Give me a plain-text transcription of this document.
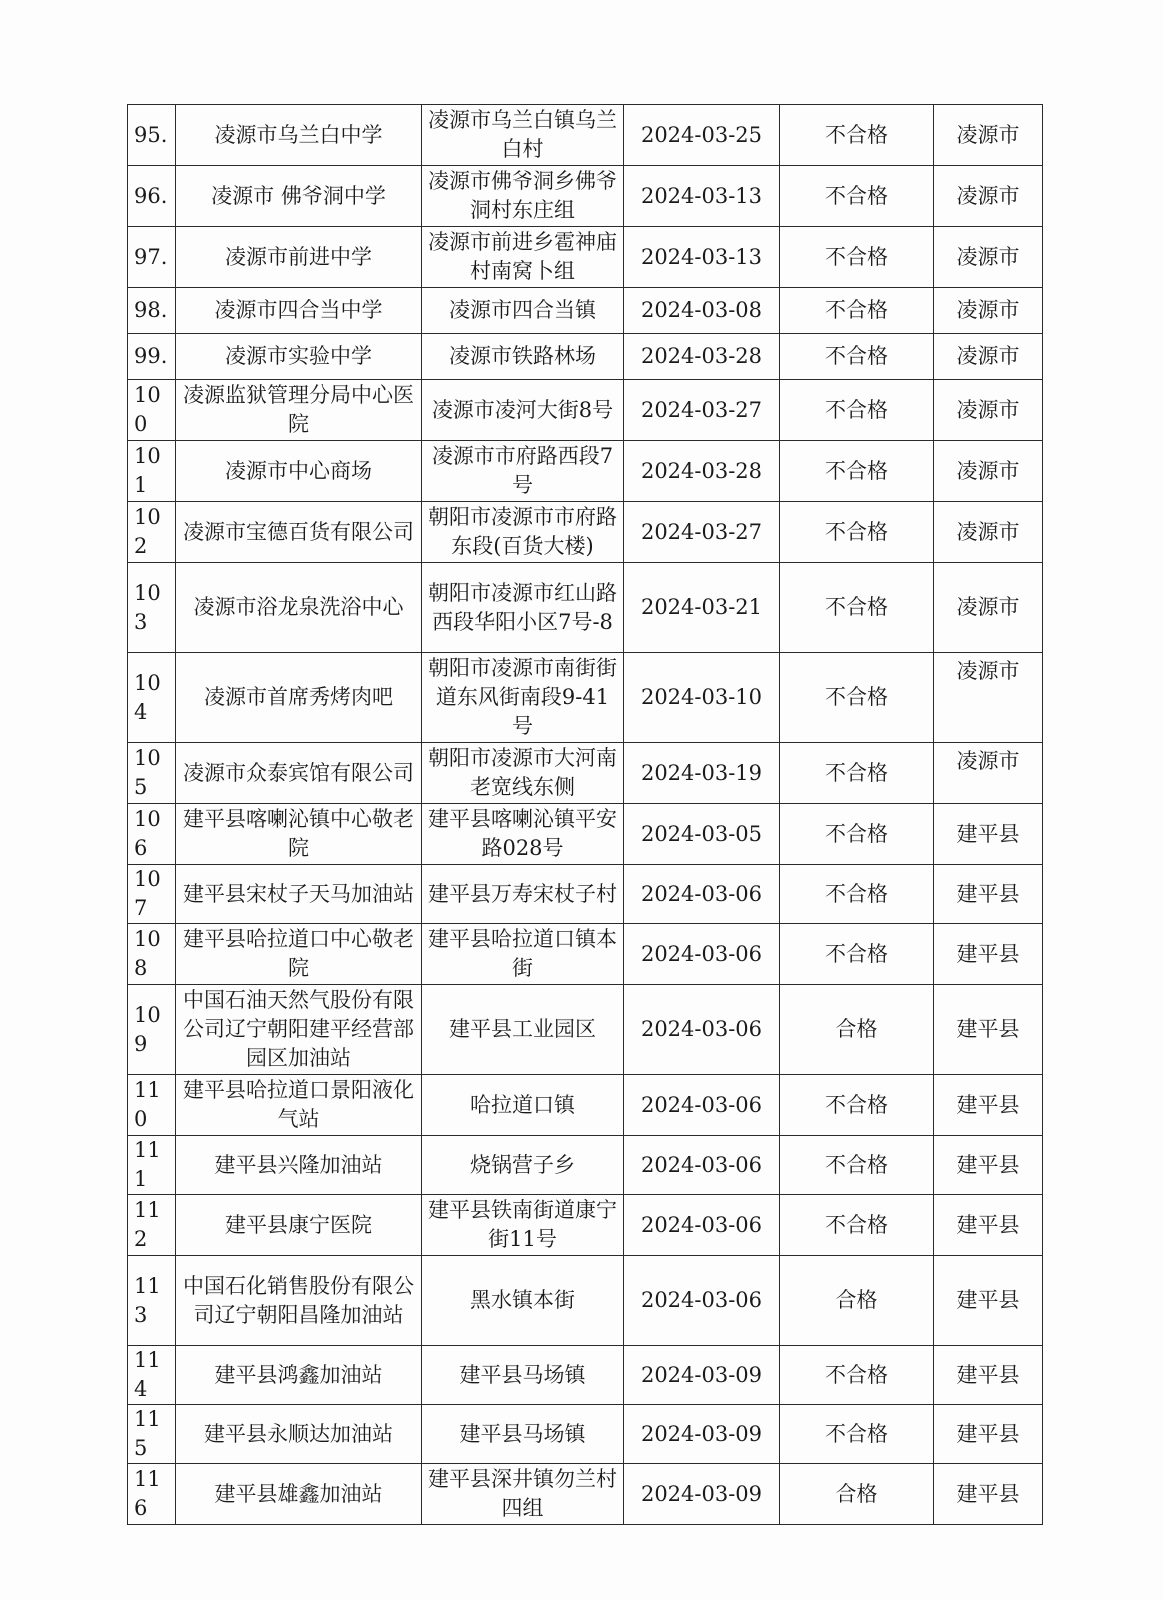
95.	凌源市乌兰白中学	凌源市乌兰白镇乌兰白村	2024-03-25	不合格	凌源市
96.	凌源市 佛爷洞中学	凌源市佛爷洞乡佛爷洞村东庄组	2024-03-13	不合格	凌源市
97.	凌源市前进中学	凌源市前进乡雹神庙村南窝卜组	2024-03-13	不合格	凌源市
98.	凌源市四合当中学	凌源市四合当镇	2024-03-08	不合格	凌源市
99.	凌源市实验中学	凌源市铁路林场	2024-03-28	不合格	凌源市
100	凌源监狱管理分局中心医院	凌源市凌河大街8号	2024-03-27	不合格	凌源市
101	凌源市中心商场	凌源市市府路西段7号	2024-03-28	不合格	凌源市
102	凌源市宝德百货有限公司	朝阳市凌源市市府路东段(百货大楼)	2024-03-27	不合格	凌源市
103	凌源市浴龙泉洗浴中心	朝阳市凌源市红山路西段华阳小区7号-8	2024-03-21	不合格	凌源市
104	凌源市首席秀烤肉吧	朝阳市凌源市南街街道东风街南段9-41号	2024-03-10	不合格	凌源市
105	凌源市众泰宾馆有限公司	朝阳市凌源市大河南老宽线东侧	2024-03-19	不合格	凌源市
106	建平县喀喇沁镇中心敬老院	建平县喀喇沁镇平安路028号	2024-03-05	不合格	建平县
107	建平县宋杖子天马加油站	建平县万寿宋杖子村	2024-03-06	不合格	建平县
108	建平县哈拉道口中心敬老院	建平县哈拉道口镇本街	2024-03-06	不合格	建平县
109	中国石油天然气股份有限公司辽宁朝阳建平经营部园区加油站	建平县工业园区	2024-03-06	合格	建平县
110	建平县哈拉道口景阳液化气站	哈拉道口镇	2024-03-06	不合格	建平县
111	建平县兴隆加油站	烧锅营子乡	2024-03-06	不合格	建平县
112	建平县康宁医院	建平县铁南街道康宁街11号	2024-03-06	不合格	建平县
113	中国石化销售股份有限公司辽宁朝阳昌隆加油站	黑水镇本街	2024-03-06	合格	建平县
114	建平县鸿鑫加油站	建平县马场镇	2024-03-09	不合格	建平县
115	建平县永顺达加油站	建平县马场镇	2024-03-09	不合格	建平县
116	建平县雄鑫加油站	建平县深井镇勿兰村四组	2024-03-09	合格	建平县
